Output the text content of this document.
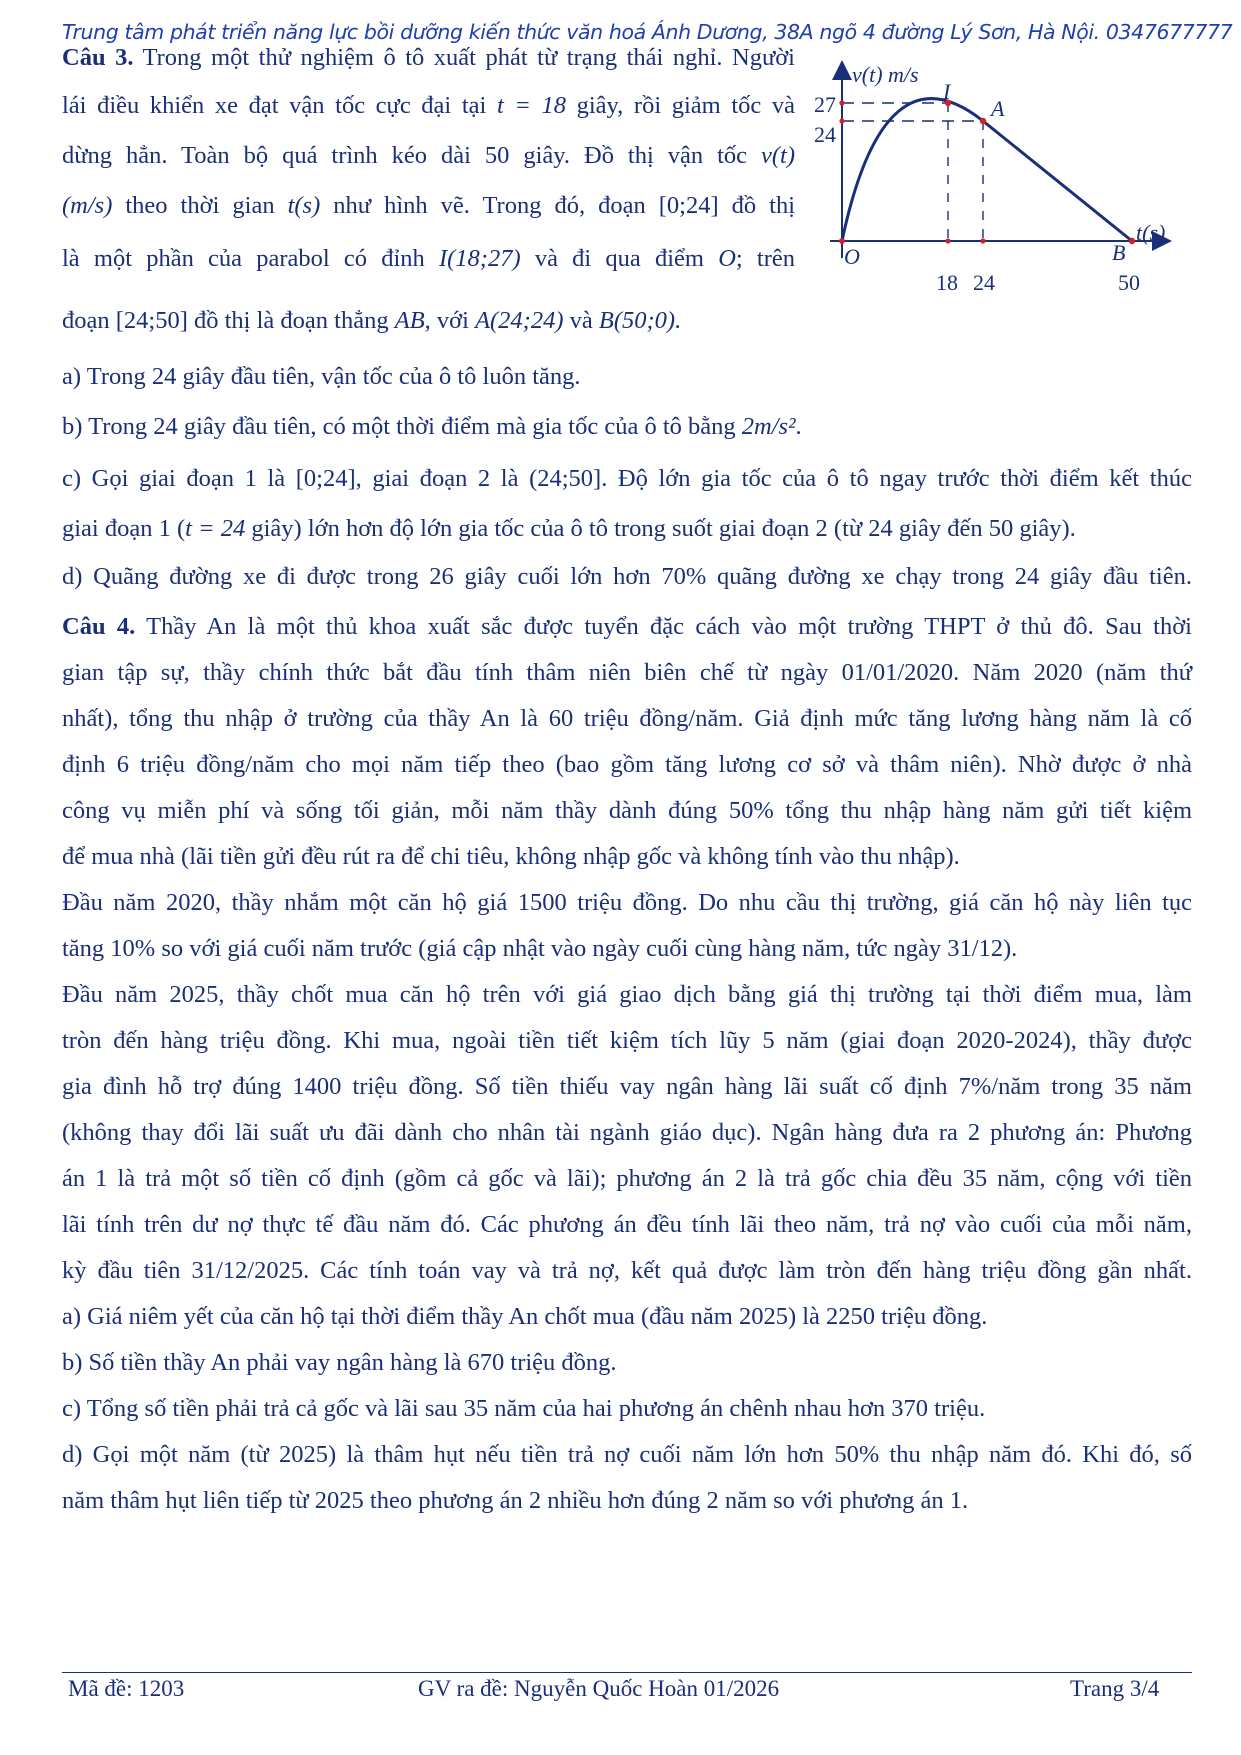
Trung tâm phát triển năng lực bồi dưỡng kiến thức văn hoá Ánh Dương, 38A ngõ 4 đường Lý Sơn, Hà Nội. 0347677777
Câu 3. Trong một thử nghiệm ô tô xuất phát từ trạng thái nghỉ. Người
lái điều khiển xe đạt vận tốc cực đại tại t = 18 giây, rồi giảm tốc và
dừng hẳn. Toàn bộ quá trình kéo dài 50 giây. Đồ thị vận tốc v(t)
(m/s) theo thời gian t(s) như hình vẽ. Trong đó, đoạn [0;24] đồ thị
là một phần của parabol có đỉnh I(18;27) và đi qua điểm O; trên
đoạn [24;50] đồ thị là đoạn thẳng AB, với A(24;24) và B(50;0).
a) Trong 24 giây đầu tiên, vận tốc của ô tô luôn tăng.
b) Trong 24 giây đầu tiên, có một thời điểm mà gia tốc của ô tô bằng 2m/s².
c) Gọi giai đoạn 1 là [0;24], giai đoạn 2 là (24;50]. Độ lớn gia tốc của ô tô ngay trước thời điểm kết thúc
giai đoạn 1 (t = 24 giây) lớn hơn độ lớn gia tốc của ô tô trong suốt giai đoạn 2 (từ 24 giây đến 50 giây).
d) Quãng đường xe đi được trong 26 giây cuối lớn hơn 70% quãng đường xe chạy trong 24 giây đầu tiên.
v(t) m/s
t(s)
27
24
18 24	50
I
A
B
O
Câu 4. Thầy An là một thủ khoa xuất sắc được tuyển đặc cách vào một trường THPT ở thủ đô. Sau thời
gian tập sự, thầy chính thức bắt đầu tính thâm niên biên chế từ ngày 01/01/2020. Năm 2020 (năm thứ
nhất), tổng thu nhập ở trường của thầy An là 60 triệu đồng/năm. Giả định mức tăng lương hàng năm là cố
định 6 triệu đồng/năm cho mọi năm tiếp theo (bao gồm tăng lương cơ sở và thâm niên). Nhờ được ở nhà
công vụ miễn phí và sống tối giản, mỗi năm thầy dành đúng 50% tổng thu nhập hàng năm gửi tiết kiệm
để mua nhà (lãi tiền gửi đều rút ra để chi tiêu, không nhập gốc và không tính vào thu nhập).
Đầu năm 2020, thầy nhắm một căn hộ giá 1500 triệu đồng. Do nhu cầu thị trường, giá căn hộ này liên tục
tăng 10% so với giá cuối năm trước (giá cập nhật vào ngày cuối cùng hàng năm, tức ngày 31/12).
Đầu năm 2025, thầy chốt mua căn hộ trên với giá giao dịch bằng giá thị trường tại thời điểm mua, làm
tròn đến hàng triệu đồng. Khi mua, ngoài tiền tiết kiệm tích lũy 5 năm (giai đoạn 2020-2024), thầy được
gia đình hỗ trợ đúng 1400 triệu đồng. Số tiền thiếu vay ngân hàng lãi suất cố định 7%/năm trong 35 năm
(không thay đổi lãi suất ưu đãi dành cho nhân tài ngành giáo dục). Ngân hàng đưa ra 2 phương án: Phương
án 1 là trả một số tiền cố định (gồm cả gốc và lãi); phương án 2 là trả gốc chia đều 35 năm, cộng với tiền
lãi tính trên dư nợ thực tế đầu năm đó. Các phương án đều tính lãi theo năm, trả nợ vào cuối của mỗi năm,
kỳ đầu tiên 31/12/2025. Các tính toán vay và trả nợ, kết quả được làm tròn đến hàng triệu đồng gần nhất.
a) Giá niêm yết của căn hộ tại thời điểm thầy An chốt mua (đầu năm 2025) là 2250 triệu đồng.
b) Số tiền thầy An phải vay ngân hàng là 670 triệu đồng.
c) Tổng số tiền phải trả cả gốc và lãi sau 35 năm của hai phương án chênh nhau hơn 370 triệu.
d) Gọi một năm (từ 2025) là thâm hụt nếu tiền trả nợ cuối năm lớn hơn 50% thu nhập năm đó. Khi đó, số
năm thâm hụt liên tiếp từ 2025 theo phương án 2 nhiều hơn đúng 2 năm so với phương án 1.
Mã đề: 1203	GV ra đề: Nguyễn Quốc Hoàn 01/2026	Trang 3/4
